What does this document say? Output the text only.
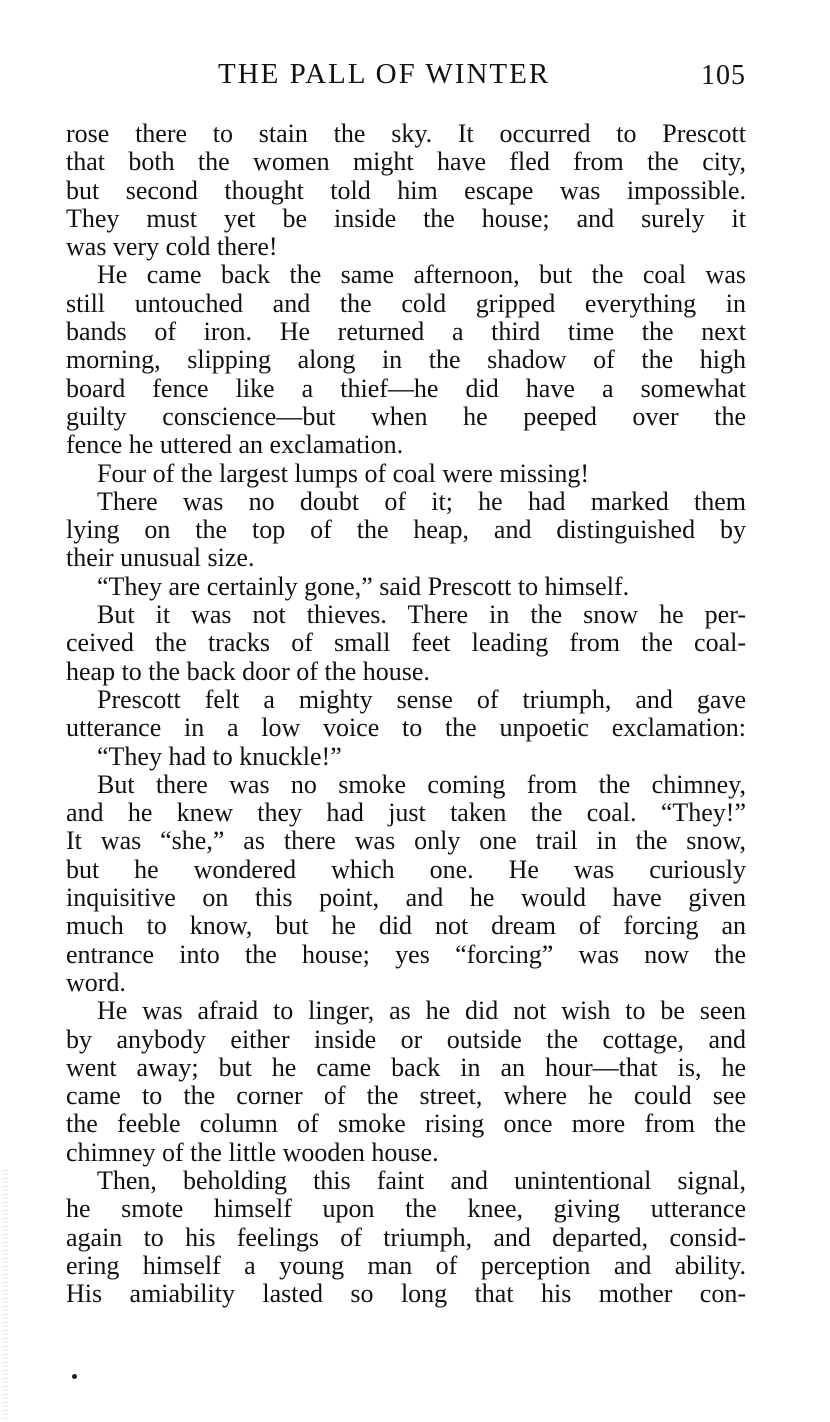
THE PALL OF WINTER	105
rose there to stain the sky. It occurred to Prescott
that both the women might have fled from the city,
but second thought told him escape was impossible.
They must yet be inside the house; and surely it
was very cold there!
He came back the same afternoon, but the coal was
still untouched and the cold gripped everything in
bands of iron. He returned a third time the next
morning, slipping along in the shadow of the high
board fence like a thief—he did have a somewhat
guilty conscience—but when he peeped over the
fence he uttered an exclamation.
Four of the largest lumps of coal were missing!
There was no doubt of it; he had marked them
lying on the top of the heap, and distinguished by
their unusual size.
“They are certainly gone,” said Prescott to himself.
But it was not thieves. There in the snow he per-
ceived the tracks of small feet leading from the coal-
heap to the back door of the house.
Prescott felt a mighty sense of triumph, and gave
utterance in a low voice to the unpoetic exclamation:
“They had to knuckle!”
But there was no smoke coming from the chimney,
and he knew they had just taken the coal. “They!”
It was “she,” as there was only one trail in the snow,
but he wondered which one. He was curiously
inquisitive on this point, and he would have given
much to know, but he did not dream of forcing an
entrance into the house; yes “forcing” was now the
word.
He was afraid to linger, as he did not wish to be seen
by anybody either inside or outside the cottage, and
went away; but he came back in an hour—that is, he
came to the corner of the street, where he could see
the feeble column of smoke rising once more from the
chimney of the little wooden house.
Then, beholding this faint and unintentional signal,
he smote himself upon the knee, giving utterance
again to his feelings of triumph, and departed, consid-
ering himself a young man of perception and ability.
His amiability lasted so long that his mother con-
